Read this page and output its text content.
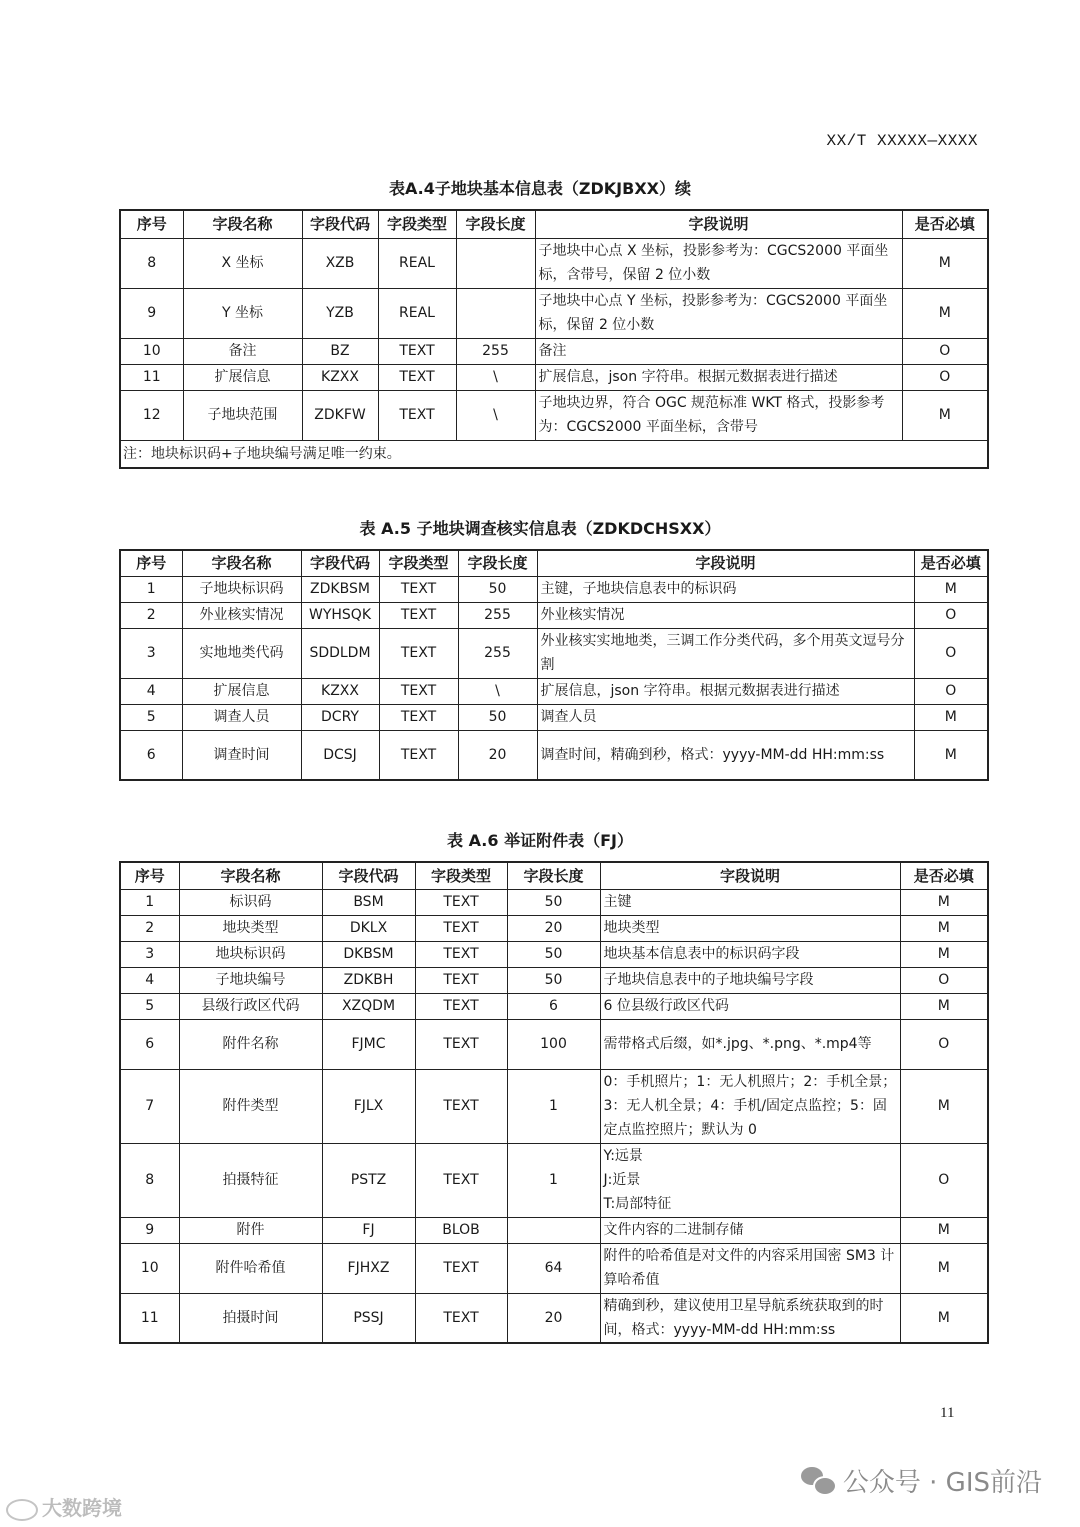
XX/T XXXXX—XXXX
表A.4子地块基本信息表（ZDKJBXX）续
序号	字段名称	字段代码	字段类型	字段长度	字段说明	是否必填
8	X 坐标	XZB	REAL		子地块中心点 X 坐标，投影参考为：CGCS2000 平面坐标，含带号，保留 2 位小数	M
9	Y 坐标	YZB	REAL		子地块中心点 Y 坐标，投影参考为：CGCS2000 平面坐标，保留 2 位小数	M
10	备注	BZ	TEXT	255	备注	O
11	扩展信息	KZXX	TEXT	\	扩展信息，json 字符串。根据元数据表进行描述	O
12	子地块范围	ZDKFW	TEXT	\	子地块边界，符合 OGC 规范标准 WKT 格式，投影参考为：CGCS2000 平面坐标，含带号	M
注：地块标识码+子地块编号满足唯一约束。						
表 A.5 子地块调查核实信息表（ZDKDCHSXX）
序号	字段名称	字段代码	字段类型	字段长度	字段说明	是否必填
1	子地块标识码	ZDKBSM	TEXT	50	主键，子地块信息表中的标识码	M
2	外业核实情况	WYHSQK	TEXT	255	外业核实情况	O
3	实地地类代码	SDDLDM	TEXT	255	外业核实实地地类，三调工作分类代码，多个用英文逗号分割	O
4	扩展信息	KZXX	TEXT	\	扩展信息，json 字符串。根据元数据表进行描述	O
5	调查人员	DCRY	TEXT	50	调查人员	M
6	调查时间	DCSJ	TEXT	20	调查时间，精确到秒，格式：yyyy-MM-dd HH:mm:ss	M
表 A.6 举证附件表（FJ）
序号	字段名称	字段代码	字段类型	字段长度	字段说明	是否必填
1	标识码	BSM	TEXT	50	主键	M
2	地块类型	DKLX	TEXT	20	地块类型	M
3	地块标识码	DKBSM	TEXT	50	地块基本信息表中的标识码字段	M
4	子地块编号	ZDKBH	TEXT	50	子地块信息表中的子地块编号字段	O
5	县级行政区代码	XZQDM	TEXT	6	6 位县级行政区代码	M
6	附件名称	FJMC	TEXT	100	需带格式后缀，如*.jpg、*.png、*.mp4等	O
7	附件类型	FJLX	TEXT	1	0：手机照片；1：无人机照片；2：手机全景；3：无人机全景；4：手机/固定点监控；5：固定点监控照片；默认为 0	M
8	拍摄特征	PSTZ	TEXT	1	Y:远景
J:近景
T:局部特征	O
9	附件	FJ	BLOB		文件内容的二进制存储	M
10	附件哈希值	FJHXZ	TEXT	64	附件的哈希值是对文件的内容采用国密 SM3 计算哈希值	M
11	拍摄时间	PSSJ	TEXT	20	精确到秒，建议使用卫星导航系统获取到的时间，格式：yyyy-MM-dd HH:mm:ss	M
11
大数跨境
公众号 · GIS前沿
